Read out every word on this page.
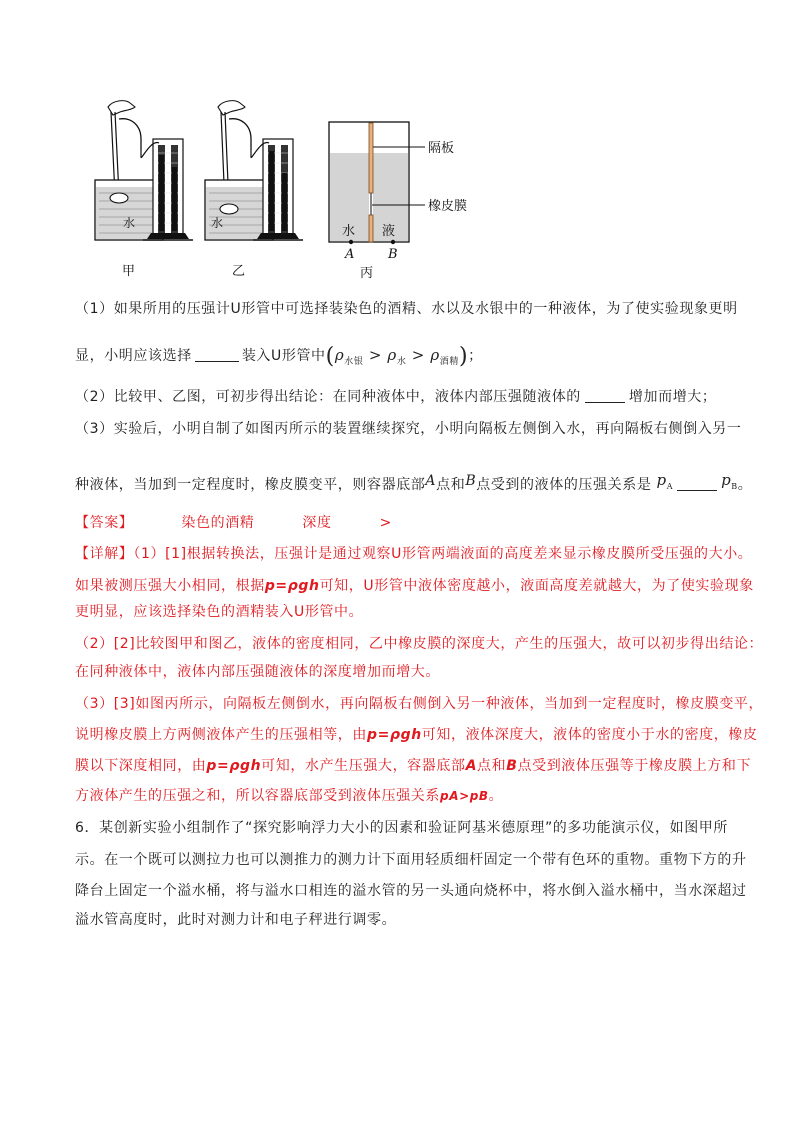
水
甲
水
乙
隔板
橡皮膜
水 液
A	B
丙
（1）如果所用的压强计U形管中可选择装染色的酒精、水以及水银中的一种液体，为了使实验现象更明
显，小明应该选择	装入U形管中$(\rho_{水银} > \rho_水 > \rho_{酒精})$；
（2）比较甲、乙图，可初步得出结论：在同种液体中，液体内部压强随液体的	增加而增大；
（3）实验后，小明自制了如图丙所示的装置继续探究，小明向隔板左侧倒入水，再向隔板右侧倒入另一
种液体，当加到一定程度时，橡皮膜变平，则容器底部A点和B点受到的液体的压强关系是 $p_A$	$p_B$。
【答案】	染色的酒精	深度	>
【详解】（1）[1]根据转换法，压强计是通过观察U形管两端液面的高度差来显示橡皮膜所受压强的大小。
如果被测压强大小相同，根据p=ρgh可知，U形管中液体密度越小，液面高度差就越大，为了使实验现象
更明显，应该选择染色的酒精装入U形管中。
（2）[2]比较图甲和图乙，液体的密度相同，乙中橡皮膜的深度大，产生的压强大，故可以初步得出结论：
在同种液体中，液体内部压强随液体的深度增加而增大。
（3）[3]如图丙所示，向隔板左侧倒水，再向隔板右侧倒入另一种液体，当加到一定程度时，橡皮膜变平，
说明橡皮膜上方两侧液体产生的压强相等，由p=ρgh可知，液体深度大，液体的密度小于水的密度，橡皮
膜以下深度相同，由p=ρgh可知，水产生压强大，容器底部A点和B点受到液体压强等于橡皮膜上方和下
方液体产生的压强之和，所以容器底部受到液体压强关系pA>pB。
6．某创新实验小组制作了“探究影响浮力大小的因素和验证阿基米德原理”的多功能演示仪，如图甲所
示。在一个既可以测拉力也可以测推力的测力计下面用轻质细杆固定一个带有色环的重物。重物下方的升
降台上固定一个溢水桶，将与溢水口相连的溢水管的另一头通向烧杯中，将水倒入溢水桶中，当水深超过
溢水管高度时，此时对测力计和电子秤进行调零。
